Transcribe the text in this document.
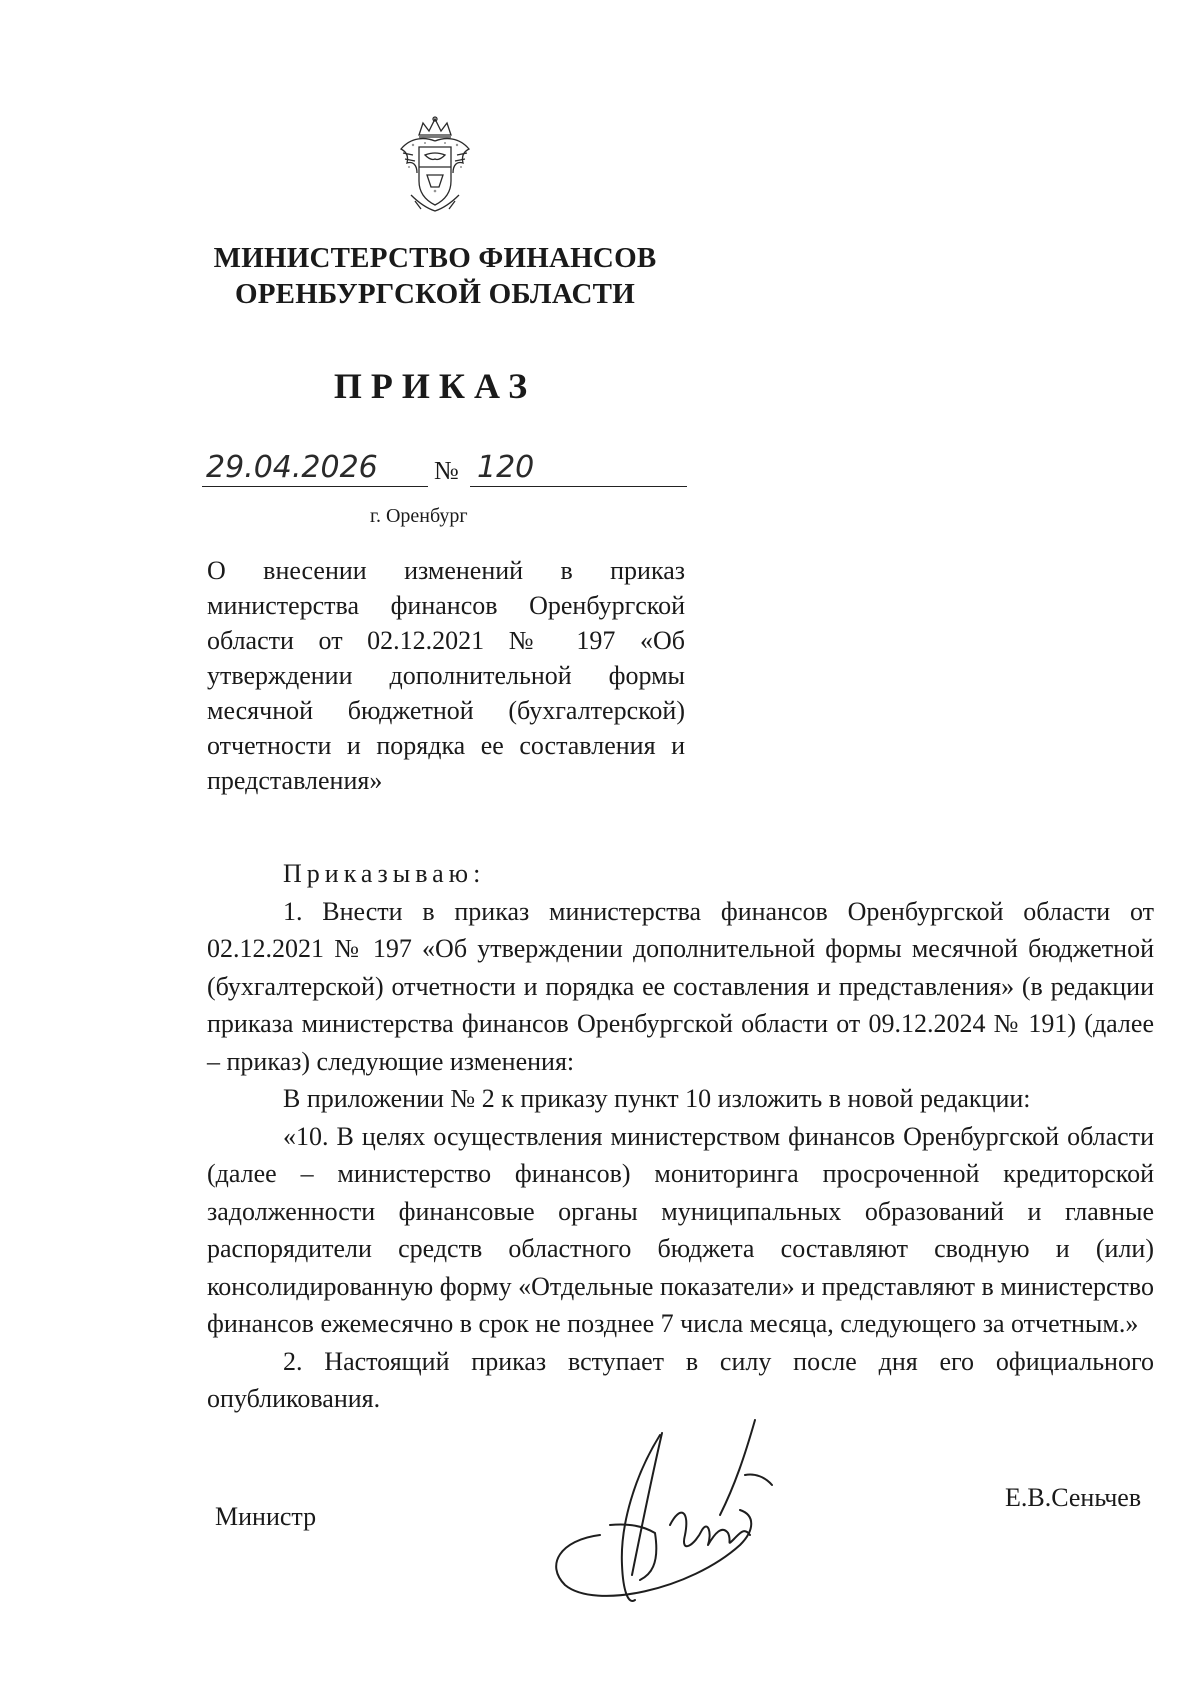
МИНИСТЕРСТВО ФИНАНСОВ
ОРЕНБУРГСКОЙ ОБЛАСТИ
ПРИКАЗ
29.04.2026 № 120
г. Оренбург
О внесении изменений в приказ министерства финансов Оренбургской области от 02.12.2021 № 197 «Об утверждении дополнительной формы месячной бюджетной (бухгалтерской) отчетности и порядка ее составления и представления»

Приказываю:

1. Внести в приказ министерства финансов Оренбургской области от 02.12.2021 № 197 «Об утверждении дополнительной формы месячной бюджетной (бухгалтерской) отчетности и порядка ее составления и представления» (в редакции приказа министерства финансов Оренбургской области от 09.12.2024 № 191) (далее – приказ) следующие изменения:

В приложении № 2 к приказу пункт 10 изложить в новой редакции:

«10. В целях осуществления министерством финансов Оренбургской области (далее – министерство финансов) мониторинга просроченной кредиторской задолженности финансовые органы муниципальных образований и главные распорядители средств областного бюджета составляют сводную и (или) консолидированную форму «Отдельные показатели» и представляют в министерство финансов ежемесячно в срок не позднее 7 числа месяца, следующего за отчетным.»

2. Настоящий приказ вступает в силу после дня его официального опубликования.

Министр
Е.В.Сеньчев
